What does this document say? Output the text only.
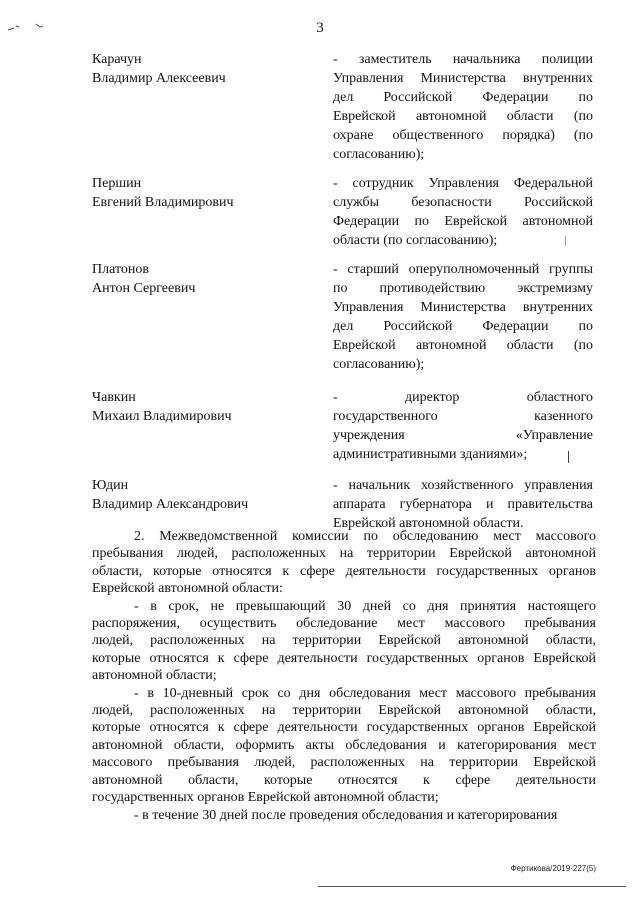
3
Карачун
Владимир Алексеевич
- заместитель начальника полиции
Управления Министерства внутренних
дел Российской Федерации по
Еврейской автономной области (по
охране общественного порядка) (по
согласованию);
Першин
Евгений Владимирович
- сотрудник Управления Федеральной
службы безопасности Российской
Федерации по Еврейской автономной
области (по согласованию);
Платонов
Антон Сергеевич
- старший оперуполномоченный группы
по противодействию экстремизму
Управления Министерства внутренних
дел Российской Федерации по
Еврейской автономной области (по
согласованию);
Чавкин
Михаил Владимирович
- директор областного
государственного казенного
учреждения «Управление
административными зданиями»;
Юдин
Владимир Александрович
- начальник хозяйственного управления
аппарата губернатора и правительства
Еврейской автономной области.

2. Межведомственной комиссии по обследованию мест массового
пребывания людей, расположенных на территории Еврейской автономной
области, которые относятся к сфере деятельности государственных органов
Еврейской автономной области:

- в срок, не превышающий 30 дней со дня принятия настоящего
распоряжения, осуществить обследование мест массового пребывания
людей, расположенных на территории Еврейской автономной области,
которые относятся к сфере деятельности государственных органов Еврейской
автономной области;

- в 10-дневный срок со дня обследования мест массового пребывания
людей, расположенных на территории Еврейской автономной области,
которые относятся к сфере деятельности государственных органов Еврейской
автономной области, оформить акты обследования и категорирования мест
массового пребывания людей, расположенных на территории Еврейской
автономной области, которые относятся к сфере деятельности
государственных органов Еврейской автономной области;

- в течение 30 дней после проведения обследования и категорирования

Фертикова/2019-227(5)
